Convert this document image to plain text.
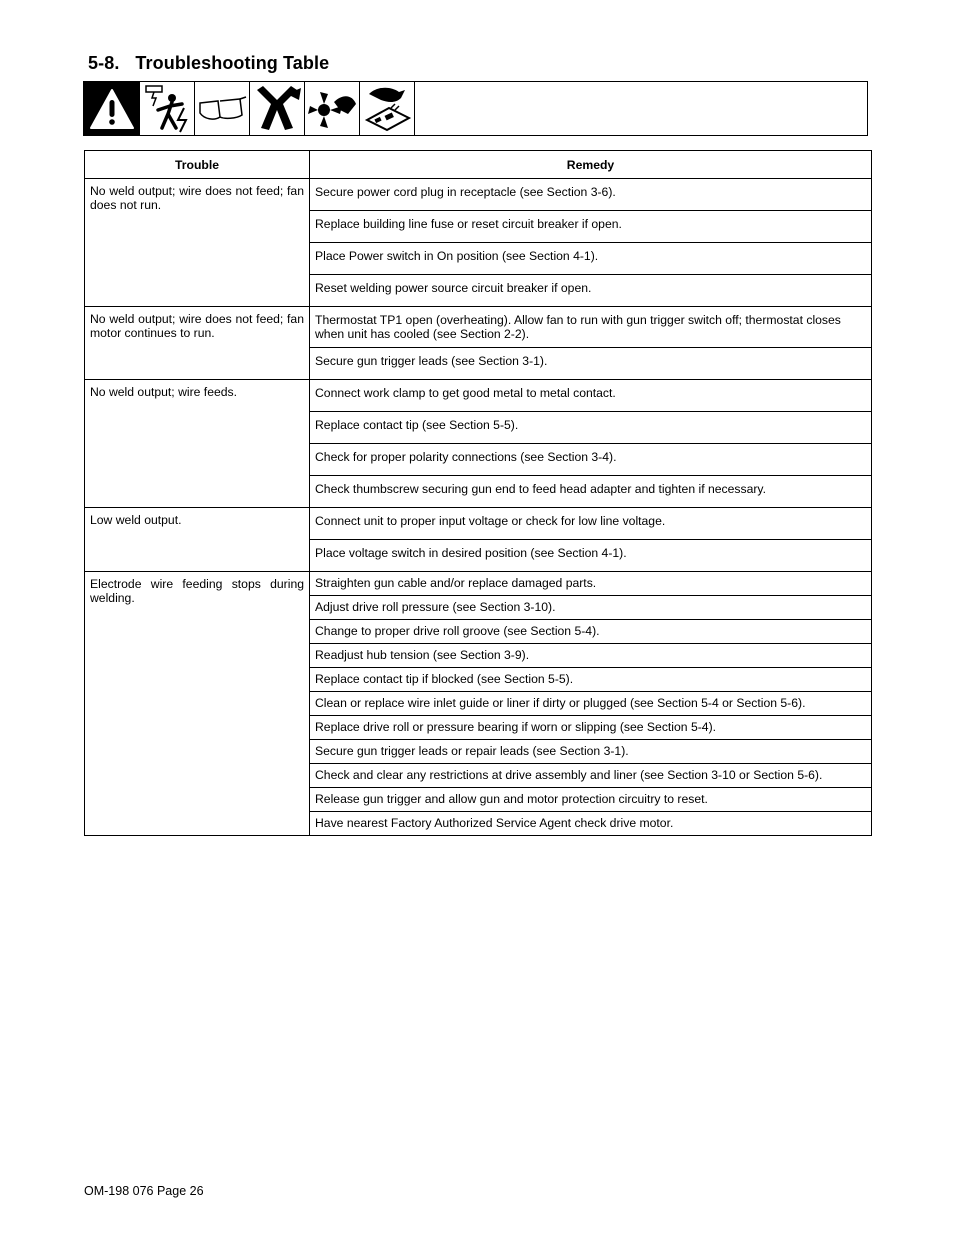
5-8. Troubleshooting Table
Trouble	Remedy
No weld output; wire does not feed; fan does not run.	Secure power cord plug in receptacle (see Section 3-6).
	Replace building line fuse or reset circuit breaker if open.
	Place Power switch in On position (see Section 4-1).
	Reset welding power source circuit breaker if open.
No weld output; wire does not feed; fan motor continues to run.	Thermostat TP1 open (overheating). Allow fan to run with gun trigger switch off; thermostat closes when unit has cooled (see Section 2-2).
	Secure gun trigger leads (see Section 3-1).
No weld output; wire feeds.	Connect work clamp to get good metal to metal contact.
	Replace contact tip (see Section 5-5).
	Check for proper polarity connections (see Section 3-4).
	Check thumbscrew securing gun end to feed head adapter and tighten if necessary.
Low weld output.	Connect unit to proper input voltage or check for low line voltage.
	Place voltage switch in desired position (see Section 4-1).
Electrode wire feeding stops during welding.	Straighten gun cable and/or replace damaged parts.
	Adjust drive roll pressure (see Section 3-10).
	Change to proper drive roll groove (see Section 5-4).
	Readjust hub tension (see Section 3-9).
	Replace contact tip if blocked (see Section 5-5).
	Clean or replace wire inlet guide or liner if dirty or plugged (see Section 5-4 or Section 5-6).
	Replace drive roll or pressure bearing if worn or slipping (see Section 5-4).
	Secure gun trigger leads or repair leads (see Section 3-1).
	Check and clear any restrictions at drive assembly and liner (see Section 3-10 or Section 5-6).
	Release gun trigger and allow gun and motor protection circuitry to reset.
	Have nearest Factory Authorized Service Agent check drive motor.
OM-198 076 Page 26
